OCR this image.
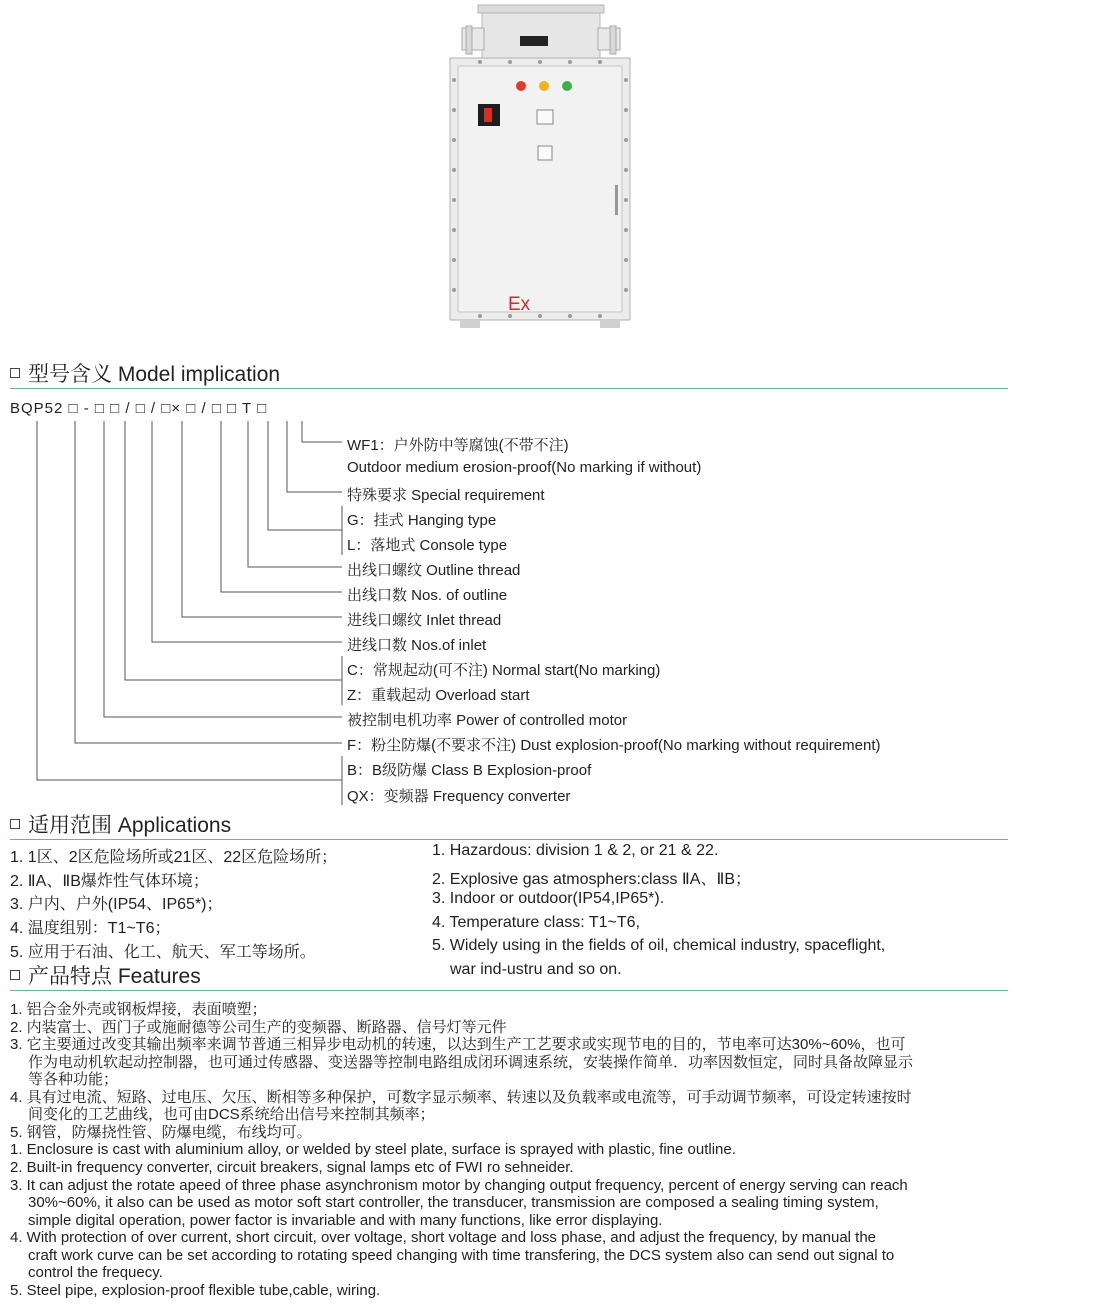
Ex
型号含义 Model implication
BQP52 □ - □ □ / □ / □× □ / □ □ T □
WF1：户外防中等腐蚀(不带不注)
Outdoor medium erosion-proof(No marking if without)
特殊要求 Special requirement
G：挂式 Hanging type
L：落地式 Console type
出线口螺纹 Outline thread
出线口数 Nos. of outline
进线口螺纹 Inlet thread
进线口数 Nos.of inlet
C：常规起动(可不注) Normal start(No marking)
Z：重载起动 Overload start
被控制电机功率 Power of controlled motor
F：粉尘防爆(不要求不注) Dust explosion-proof(No marking without requirement)
B：B级防爆 Class B Explosion-proof
QX：变频器 Frequency converter
适用范围 Applications
1. 1区、2区危险场所或21区、22区危险场所；
2. ⅡA、ⅡB爆炸性气体环境；
3. 户内、户外(IP54、IP65*)；
4. 温度组别：T1~T6；
5. 应用于石油、化工、航天、军工等场所。
1. Hazardous: division 1 & 2, or 21 & 22.
2. Explosive gas atmosphers:class ⅡA、ⅡB；
3. Indoor or outdoor(IP54,IP65*).
4. Temperature class: T1~T6,
5. Widely using in the fields of oil, chemical industry, spaceflight,
war ind-ustru and so on.
产品特点 Features
1. 铝合金外壳或钢板焊接，表面喷塑；
2. 内装富士、西门子或施耐德等公司生产的变频器、断路器、信号灯等元件
3. 它主要通过改变其输出频率来调节普通三相异步电动机的转速，以达到生产工艺要求或实现节电的目的，节电率可达30%~60%，也可
作为电动机软起动控制器，也可通过传感器、变送器等控制电路组成闭环调速系统，安装操作简单．功率因数恒定，同时具备故障显示
等各种功能；
4. 具有过电流、短路、过电压、欠压、断相等多种保护，可数字显示频率、转速以及负载率或电流等，可手动调节频率，可设定转速按时
间变化的工艺曲线，也可由DCS系统给出信号来控制其频率；
5. 钢管，防爆挠性管、防爆电缆，布线均可。
1. Enclosure is cast with aluminium alloy, or welded by steel plate, surface is sprayed with plastic, fine outline.
2. Built-in frequency converter, circuit breakers, signal lamps etc of FWI ro sehneider.
3. It can adjust the rotate apeed of three phase asynchronism motor by changing output frequency, percent of energy serving can reach
30%~60%, it also can be used as motor soft start controller, the transducer, transmission are composed a sealing timing system,
simple digital operation, power factor is invariable and with many functions, like error displaying.
4. With protection of over current, short circuit, over voltage, short voltage and loss phase, and adjust the frequency, by manual the
craft work curve can be set according to rotating speed changing with time transfering, the DCS system also can send out signal to
control the frequecy.
5. Steel pipe, explosion-proof flexible tube,cable, wiring.
